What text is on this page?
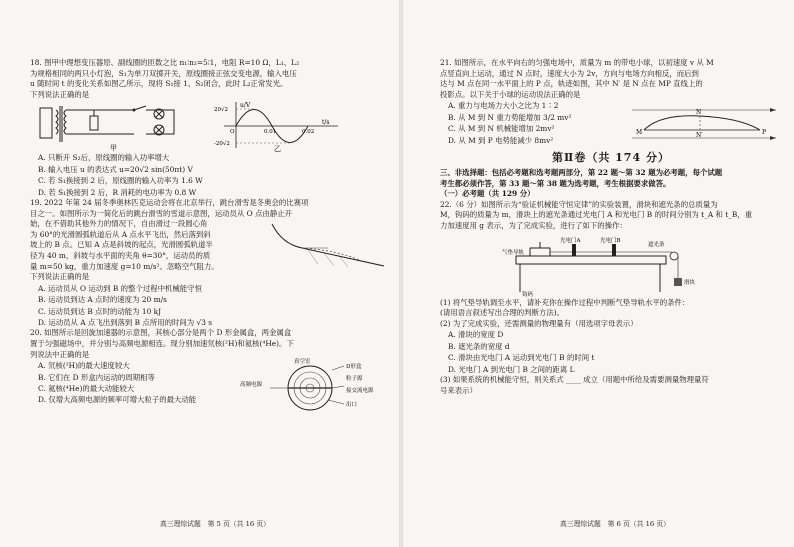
18. 图甲中理想变压器原、副线圈的匝数之比 n₁∶n₂=5∶1，电阻 R=10 Ω，L₁、L₂
为规格相同的两只小灯泡，S₁为单刀双掷开关，原线圈接正弦交变电源，输入电压
u 随时间 t 的变化关系如图乙所示，现将 S₁接 1、S₂闭合，此时 L₂正常发光。
下列说法正确的是
甲
u/V
t/s
20√2
-20√2
0.01	0.02
O
乙
A. 只断开 S₂后，原线圈的输入功率增大
B. 输入电压 u 的表达式 u=20√2 sin(50πt) V
C. 若 S₁换接到 2 后，原线圈的输入功率为 1.6 W
D. 若 S₁换接到 2 后，R 消耗的电功率为 0.8 W
19. 2022 年第 24 届冬季奥林匹克运动会将在北京举行，跳台滑雪是冬奥会的比赛项
目之一。如图所示为一简化后的跳台滑雪的雪道示意图，运动员从 O 点由静止开
始，在不借助其他外力的情况下，自由滑过一段圆心角
为 60°的光滑圆弧轨道后从 A 点水平飞出，然后落到斜
坡上的 B 点。已知 A 点是斜坡的起点，光滑圆弧轨道半
径为 40 m，斜坡与水平面的夹角 θ=30°，运动员的质
量 m=50 kg，重力加速度 g=10 m/s²。忽略空气阻力。
下列说法正确的是
A. 运动员从 O 运动到 B 的整个过程中机械能守恒
B. 运动员到达 A 点时的速度为 20 m/s
C. 运动员到达 B 点时的动能为 10 kJ
D. 运动员从 A 点飞出到落到 B 点所用的时间为 √3 s
20. 如图所示是回旋加速器的示意图，其核心部分是两个 D 形金属盒，两金属盒
置于匀强磁场中，并分别与高频电源相连。现分别加速氘核(²H)和氦核(⁴He)。下
列说法中正确的是
真空室
高频电源
D形盒
粒子源
接交流电源
出口
A. 氘核(²H)的最大速度较大
B. 它们在 D 形盒内运动的周期相等
C. 氦核(⁴He)的最大动能较大
D. 仅增大高频电源的频率可增大粒子的最大动能
高三理综试题　第 5 页（共 16 页）
21. 如图所示，在水平向右的匀强电场中，质量为 m 的带电小球，以初速度 v 从 M
点竖直向上运动，通过 N 点时，速度大小为 2v，方向与电场方向相反，而后到
达与 M 点在同一水平面上的 P 点，轨迹如图，其中 N′ 是 N 点在 MP 直线上的
投影点。以下关于小球的运动说法正确的是
M
N
N′	P
A. 重力与电场力大小之比为 1∶2
B. 从 M 到 N 重力势能增加 3/2 mv²
C. 从 M 到 N 机械能增加 2mv²
D. 从 M 到 P 电势能减少 8mv²
第Ⅱ卷（共 174 分）
三、非选择题：包括必考题和选考题两部分，第 22 题～第 32 题为必考题，每个试题
考生都必须作答，第 33 题～第 38 题为选考题，考生根据要求做答。
（一）必考题（共 129 分）
22.（6 分）如图所示为“验证机械能守恒定律”的实验装置，滑块和遮光条的总质量为
M，钩码的质量为 m，滑块上的遮光条通过光电门 A 和光电门 B 的时间分别为 t_A 和 t_B，重
力加速度用 g 表示，为了完成实验，进行了如下的操作：
光电门A	光电门B
遮光条
气垫导轨
钩码
滑块
(1) 将气垫导轨调至水平，请补充你在操作过程中判断气垫导轨水平的条件：
(请用语言叙述写出合理的判断方法)。
(2) 为了完成实验，还需测量的物理量有（用选项字母表示）
A. 滑块的宽度 D
B. 遮光条的宽度 d
C. 滑块由光电门 A 运动到光电门 B 的时间 t
D. 光电门 A 到光电门 B 之间的距离 L
(3) 如果系统的机械能守恒，则关系式 ____ 成立（用题中所给及需要测量物理量符
号来表示）
高三理综试题　第 6 页（共 16 页）
